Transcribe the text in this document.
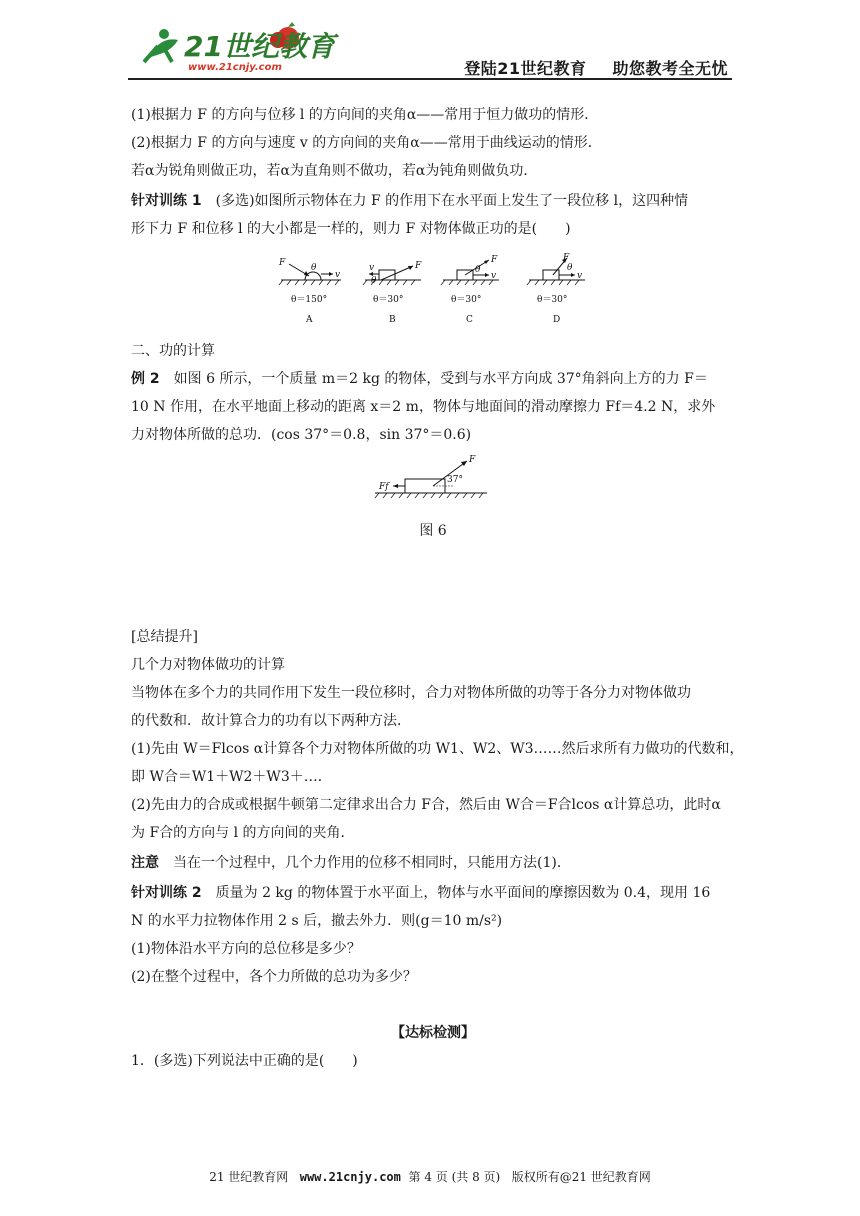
21世纪教育
www.21cnjy.com	登陆21世纪教育 助您教考全无忧
(1)根据力 F 的方向与位移 l 的方向间的夹角α——常用于恒力做功的情形．
(2)根据力 F 的方向与速度 v 的方向间的夹角α——常用于曲线运动的情形．
若α为锐角则做正功，若α为直角则不做功，若α为钝角则做负功．
针对训练 1　 (多选)如图所示物体在力 F 的作用下在水平面上发生了一段位移 l，这四种情
形下力 F 和位移 l 的大小都是一样的，则力 F 对物体做正功的是(　　)
F
v
θ
θ＝150°
A
F
v
θ
θ＝30°
B
F
v
θ
θ＝30°
C
F
v
θ
θ＝30°
D
二、功的计算
例 2　 如图 6 所示，一个质量 m＝2 kg 的物体，受到与水平方向成 37°角斜向上方的力 F＝
10 N 作用，在水平地面上移动的距离 x＝2 m，物体与地面间的滑动摩擦力 Ff＝4.2 N，求外
力对物体所做的总功．(cos 37°＝0.8，sin 37°＝0.6)
F
Ff
37°
图 6
[总结提升]
几个力对物体做功的计算
当物体在多个力的共同作用下发生一段位移时，合力对物体所做的功等于各分力对物体做功
的代数和．故计算合力的功有以下两种方法．
(1)先由 W＝Flcos α计算各个力对物体所做的功 W1、W2、W3……然后求所有力做功的代数和，
即 W合＝W1＋W2＋W3＋…．
(2)先由力的合成或根据牛顿第二定律求出合力 F合，然后由 W合＝F合lcos α计算总功，此时α
为 F合的方向与 l 的方向间的夹角．
注意　 当在一个过程中，几个力作用的位移不相同时，只能用方法(1)．
针对训练 2　 质量为 2 kg 的物体置于水平面上，物体与水平面间的摩擦因数为 0.4，现用 16
N 的水平力拉物体作用 2 s 后，撤去外力．则(g＝10 m/s²)
(1)物体沿水平方向的总位移是多少？
(2)在整个过程中，各个力所做的总功为多少？
【达标检测】
1．(多选)下列说法中正确的是(　　)
21 世纪教育网 www.21cnjy.com 第 4 页 (共 8 页) 版权所有@21 世纪教育网
